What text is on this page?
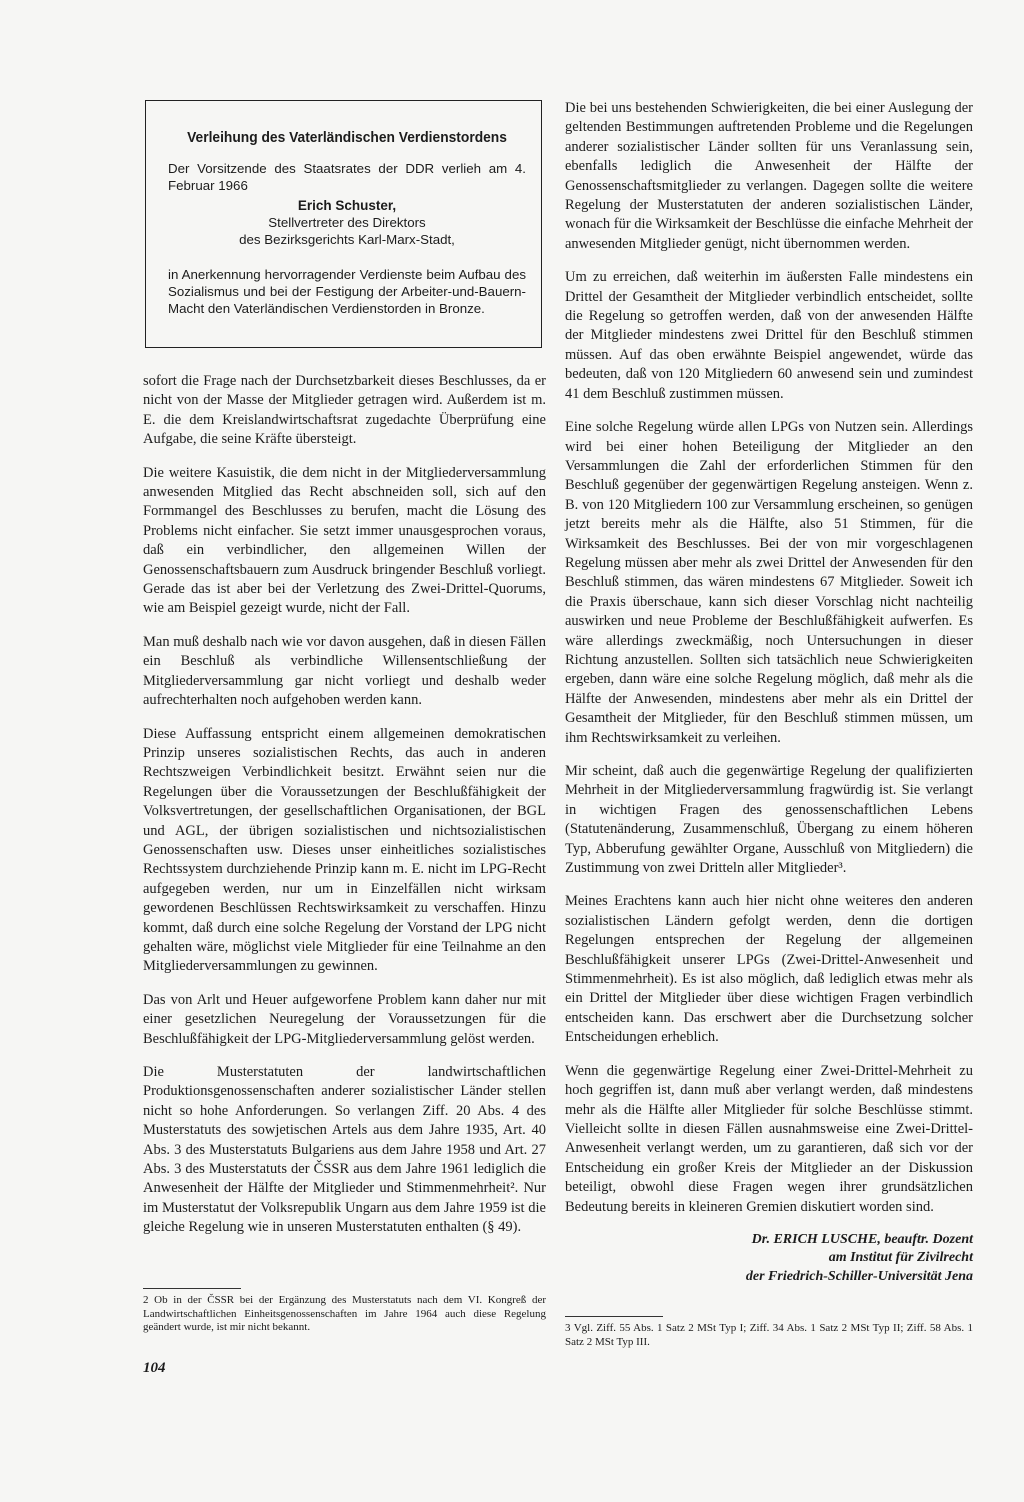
Verleihung des Vaterländischen Verdienstordens

Der Vorsitzende des Staatsrates der DDR verlieh am 4. Februar 1966

Erich Schuster,

Stellvertreter des Direktors

des Bezirksgerichts Karl-Marx-Stadt,

in Anerkennung hervorragender Verdienste beim Aufbau des Sozialismus und bei der Festigung der Arbeiter-und-Bauern-Macht den Vaterländischen Verdienstorden in Bronze.

sofort die Frage nach der Durchsetzbarkeit dieses Beschlusses, da er nicht von der Masse der Mitglieder getragen wird. Außerdem ist m. E. die dem Kreislandwirtschaftsrat zugedachte Überprüfung eine Aufgabe, die seine Kräfte übersteigt.

Die weitere Kasuistik, die dem nicht in der Mitgliederversammlung anwesenden Mitglied das Recht abschneiden soll, sich auf den Formmangel des Beschlusses zu berufen, macht die Lösung des Problems nicht einfacher. Sie setzt immer unausgesprochen voraus, daß ein verbindlicher, den allgemeinen Willen der Genossenschaftsbauern zum Ausdruck bringender Beschluß vorliegt. Gerade das ist aber bei der Verletzung des Zwei-Drittel-Quorums, wie am Beispiel gezeigt wurde, nicht der Fall.

Man muß deshalb nach wie vor davon ausgehen, daß in diesen Fällen ein Beschluß als verbindliche Willensentschließung der Mitgliederversammlung gar nicht vorliegt und deshalb weder aufrechterhalten noch aufgehoben werden kann.

Diese Auffassung entspricht einem allgemeinen demokratischen Prinzip unseres sozialistischen Rechts, das auch in anderen Rechtszweigen Verbindlichkeit besitzt. Erwähnt seien nur die Regelungen über die Voraussetzungen der Beschlußfähigkeit der Volksvertretungen, der gesellschaftlichen Organisationen, der BGL und AGL, der übrigen sozialistischen und nichtsozialistischen Genossenschaften usw. Dieses unser einheitliches sozialistisches Rechtssystem durchziehende Prinzip kann m. E. nicht im LPG-Recht aufgegeben werden, nur um in Einzelfällen nicht wirksam gewordenen Beschlüssen Rechtswirksamkeit zu verschaffen. Hinzu kommt, daß durch eine solche Regelung der Vorstand der LPG nicht gehalten wäre, möglichst viele Mitglieder für eine Teilnahme an den Mitgliederversammlungen zu gewinnen.

Das von Arlt und Heuer aufgeworfene Problem kann daher nur mit einer gesetzlichen Neuregelung der Voraussetzungen für die Beschlußfähigkeit der LPG-Mitgliederversammlung gelöst werden.

Die Musterstatuten der landwirtschaftlichen Produktionsgenossenschaften anderer sozialistischer Länder stellen nicht so hohe Anforderungen. So verlangen Ziff. 20 Abs. 4 des Musterstatuts des sowjetischen Artels aus dem Jahre 1935, Art. 40 Abs. 3 des Musterstatuts Bulgariens aus dem Jahre 1958 und Art. 27 Abs. 3 des Musterstatuts der ČSSR aus dem Jahre 1961 lediglich die Anwesenheit der Hälfte der Mitglieder und Stimmenmehrheit². Nur im Musterstatut der Volksrepublik Ungarn aus dem Jahre 1959 ist die gleiche Regelung wie in unseren Musterstatuten enthalten (§ 49).

Die bei uns bestehenden Schwierigkeiten, die bei einer Auslegung der geltenden Bestimmungen auftretenden Probleme und die Regelungen anderer sozialistischer Länder sollten für uns Veranlassung sein, ebenfalls lediglich die Anwesenheit der Hälfte der Genossenschaftsmitglieder zu verlangen. Dagegen sollte die weitere Regelung der Musterstatuten der anderen sozialistischen Länder, wonach für die Wirksamkeit der Beschlüsse die einfache Mehrheit der anwesenden Mitglieder genügt, nicht übernommen werden.

Um zu erreichen, daß weiterhin im äußersten Falle mindestens ein Drittel der Gesamtheit der Mitglieder verbindlich entscheidet, sollte die Regelung so getroffen werden, daß von der anwesenden Hälfte der Mitglieder mindestens zwei Drittel für den Beschluß stimmen müssen. Auf das oben erwähnte Beispiel angewendet, würde das bedeuten, daß von 120 Mitgliedern 60 anwesend sein und zumindest 41 dem Beschluß zustimmen müssen.

Eine solche Regelung würde allen LPGs von Nutzen sein. Allerdings wird bei einer hohen Beteiligung der Mitglieder an den Versammlungen die Zahl der erforderlichen Stimmen für den Beschluß gegenüber der gegenwärtigen Regelung ansteigen. Wenn z. B. von 120 Mitgliedern 100 zur Versammlung erscheinen, so genügen jetzt bereits mehr als die Hälfte, also 51 Stimmen, für die Wirksamkeit des Beschlusses. Bei der von mir vorgeschlagenen Regelung müssen aber mehr als zwei Drittel der Anwesenden für den Beschluß stimmen, das wären mindestens 67 Mitglieder. Soweit ich die Praxis überschaue, kann sich dieser Vorschlag nicht nachteilig auswirken und neue Probleme der Beschlußfähigkeit aufwerfen. Es wäre allerdings zweckmäßig, noch Untersuchungen in dieser Richtung anzustellen. Sollten sich tatsächlich neue Schwierigkeiten ergeben, dann wäre eine solche Regelung möglich, daß mehr als die Hälfte der Anwesenden, mindestens aber mehr als ein Drittel der Gesamtheit der Mitglieder, für den Beschluß stimmen müssen, um ihm Rechtswirksamkeit zu verleihen.

Mir scheint, daß auch die gegenwärtige Regelung der qualifizierten Mehrheit in der Mitgliederversammlung fragwürdig ist. Sie verlangt in wichtigen Fragen des genossenschaftlichen Lebens (Statutenänderung, Zusammenschluß, Übergang zu einem höheren Typ, Abberufung gewählter Organe, Ausschluß von Mitgliedern) die Zustimmung von zwei Dritteln aller Mitglieder³.

Meines Erachtens kann auch hier nicht ohne weiteres den anderen sozialistischen Ländern gefolgt werden, denn die dortigen Regelungen entsprechen der Regelung der allgemeinen Beschlußfähigkeit unserer LPGs (Zwei-Drittel-Anwesenheit und Stimmenmehrheit). Es ist also möglich, daß lediglich etwas mehr als ein Drittel der Mitglieder über diese wichtigen Fragen verbindlich entscheiden kann. Das erschwert aber die Durchsetzung solcher Entscheidungen erheblich.

Wenn die gegenwärtige Regelung einer Zwei-Drittel-Mehrheit zu hoch gegriffen ist, dann muß aber verlangt werden, daß mindestens mehr als die Hälfte aller Mitglieder für solche Beschlüsse stimmt. Vielleicht sollte in diesen Fällen ausnahmsweise eine Zwei-Drittel-Anwesenheit verlangt werden, um zu garantieren, daß sich vor der Entscheidung ein großer Kreis der Mitglieder an der Diskussion beteiligt, obwohl diese Fragen wegen ihrer grundsätzlichen Bedeutung bereits in kleineren Gremien diskutiert worden sind.

Dr. ERICH LUSCHE, beauftr. Dozent
am Institut für Zivilrecht
der Friedrich-Schiller-Universität Jena
2 Ob in der ČSSR bei der Ergänzung des Musterstatuts nach dem VI. Kongreß der Landwirtschaftlichen Einheitsgenossenschaften im Jahre 1964 auch diese Regelung geändert wurde, ist mir nicht bekannt.	3 Vgl. Ziff. 55 Abs. 1 Satz 2 MSt Typ I; Ziff. 34 Abs. 1 Satz 2 MSt Typ II; Ziff. 58 Abs. 1 Satz 2 MSt Typ III.
104
